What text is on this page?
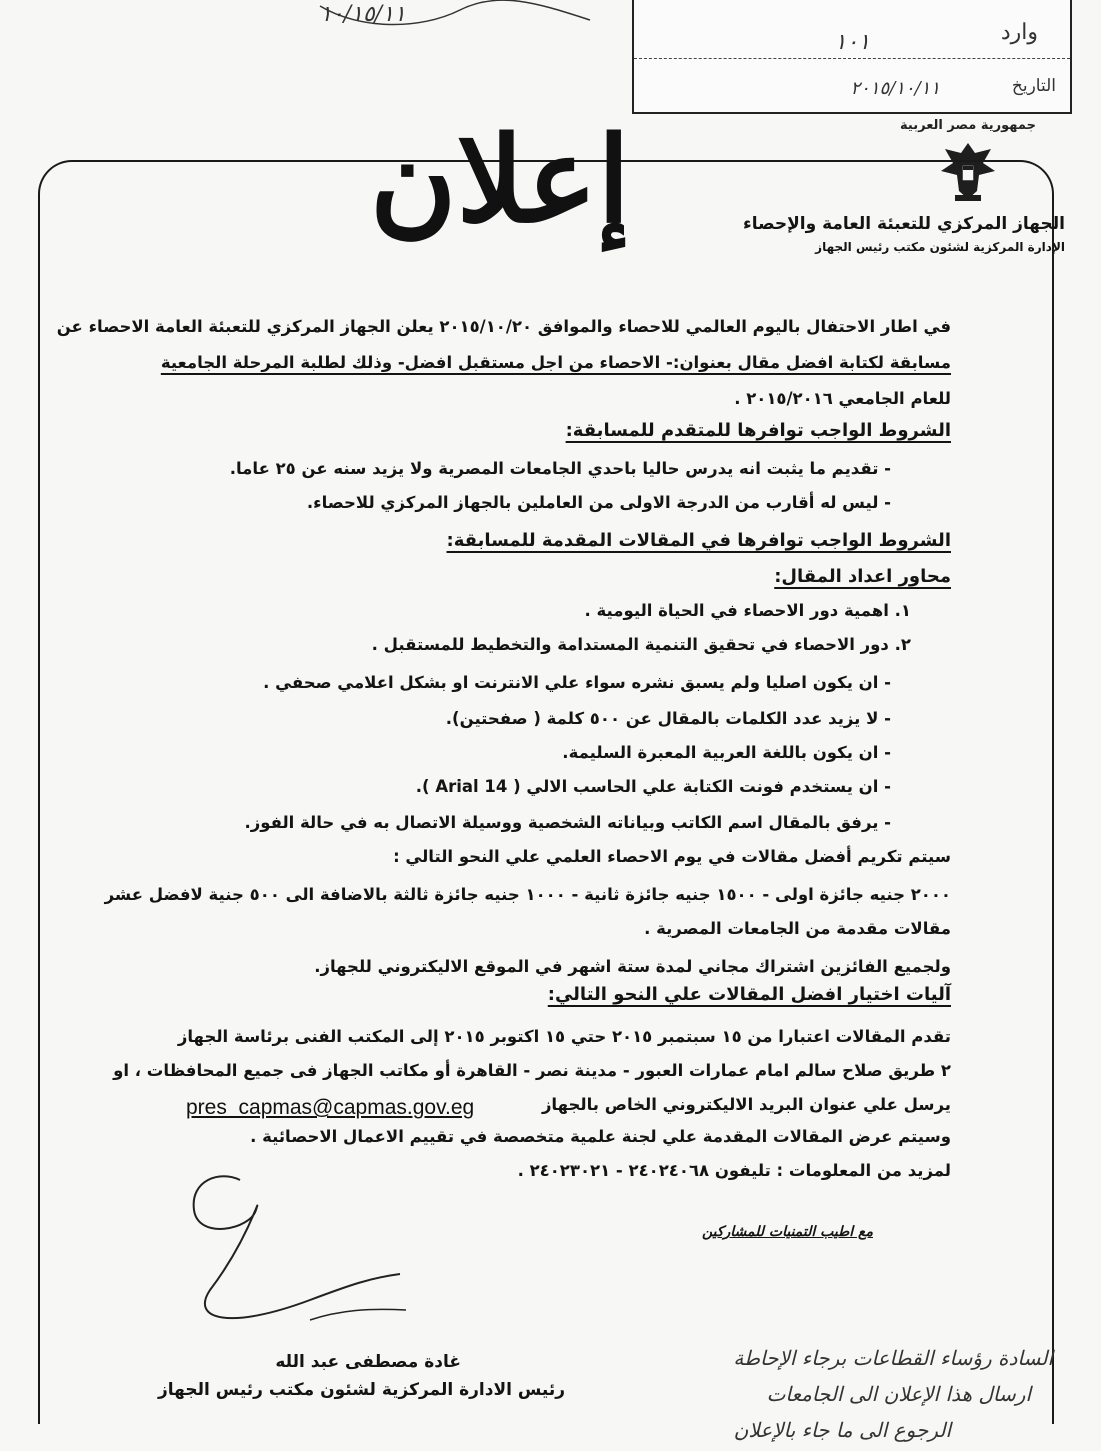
وارد
١٠١
التاريخ
٢٠١٥/١٠/١١
١٠/١٥/١١
جمهورية مصر العربية
الجهاز المركزي للتعبئة العامة والإحصاء
الإدارة المركزية لشئون مكتب رئيس الجهاز
إعلان
في اطار الاحتفال باليوم العالمي للاحصاء والموافق ٢٠١٥/١٠/٢٠ يعلن الجهاز المركزي للتعبئة العامة الاحصاء عن
مسابقة لكتابة افضل مقال بعنوان:- الاحصاء من اجل مستقبل افضل- وذلك لطلبة المرحلة الجامعية
للعام الجامعي ٢٠١٥/٢٠١٦ .
الشروط الواجب توافرها للمتقدم للمسابقة:
- تقديم ما يثبت انه يدرس حاليا باحدي الجامعات المصرية ولا يزيد سنه عن ٢٥ عاما.
- ليس له أقارب من الدرجة الاولى من العاملين بالجهاز المركزي للاحصاء.
الشروط الواجب توافرها في المقالات المقدمة للمسابقة:
محاور اعداد المقال:
١. اهمية دور الاحصاء في الحياة اليومية .
٢. دور الاحصاء في تحقيق التنمية المستدامة والتخطيط للمستقبل .
- ان يكون اصليا ولم يسبق نشره سواء علي الانترنت او بشكل اعلامي صحفي .
- لا يزيد عدد الكلمات بالمقال عن ٥٠٠ كلمة ( صفحتين).
- ان يكون باللغة العربية المعبرة السليمة.
- ان يستخدم فونت الكتابة علي الحاسب الالي ( Arial 14 ).
- يرفق بالمقال اسم الكاتب وبياناته الشخصية ووسيلة الاتصال به في حالة الفوز.
سيتم تكريم أفضل مقالات في يوم الاحصاء العلمي علي النحو التالي :
٢٠٠٠ جنيه جائزة اولى - ١٥٠٠ جنيه جائزة ثانية - ١٠٠٠ جنيه جائزة ثالثة بالاضافة الى ٥٠٠ جنية لافضل عشر
مقالات مقدمة من الجامعات المصرية .
ولجميع الفائزين اشتراك مجاني لمدة ستة اشهر في الموقع الاليكتروني للجهاز.
آليات اختيار افضل المقالات علي النحو التالي:
تقدم المقالات اعتبارا من ١٥ سبتمبر ٢٠١٥ حتي ١٥ اكتوبر ٢٠١٥ إلى المكتب الفنى برئاسة الجهاز
٢ طريق صلاح سالم امام عمارات العبور - مدينة نصر - القاهرة أو مكاتب الجهاز فى جميع المحافظات ، او
يرسل علي عنوان البريد الاليكتروني الخاص بالجهاز
وسيتم عرض المقالات المقدمة علي لجنة علمية متخصصة في تقييم الاعمال الاحصائية .
لمزيد من المعلومات : تليفون ٢٤٠٢٤٠٦٨ - ٢٤٠٢٣٠٢١ .
pres_capmas@capmas.gov.eg
مع اطيب التمنيات للمشاركين
غادة مصطفى عبد الله
رئيس الادارة المركزية لشئون مكتب رئيس الجهاز
السادة رؤساء القطاعات برجاء الإحاطة
ارسال هذا الإعلان الى الجامعات
الرجوع الى ما جاء بالإعلان
